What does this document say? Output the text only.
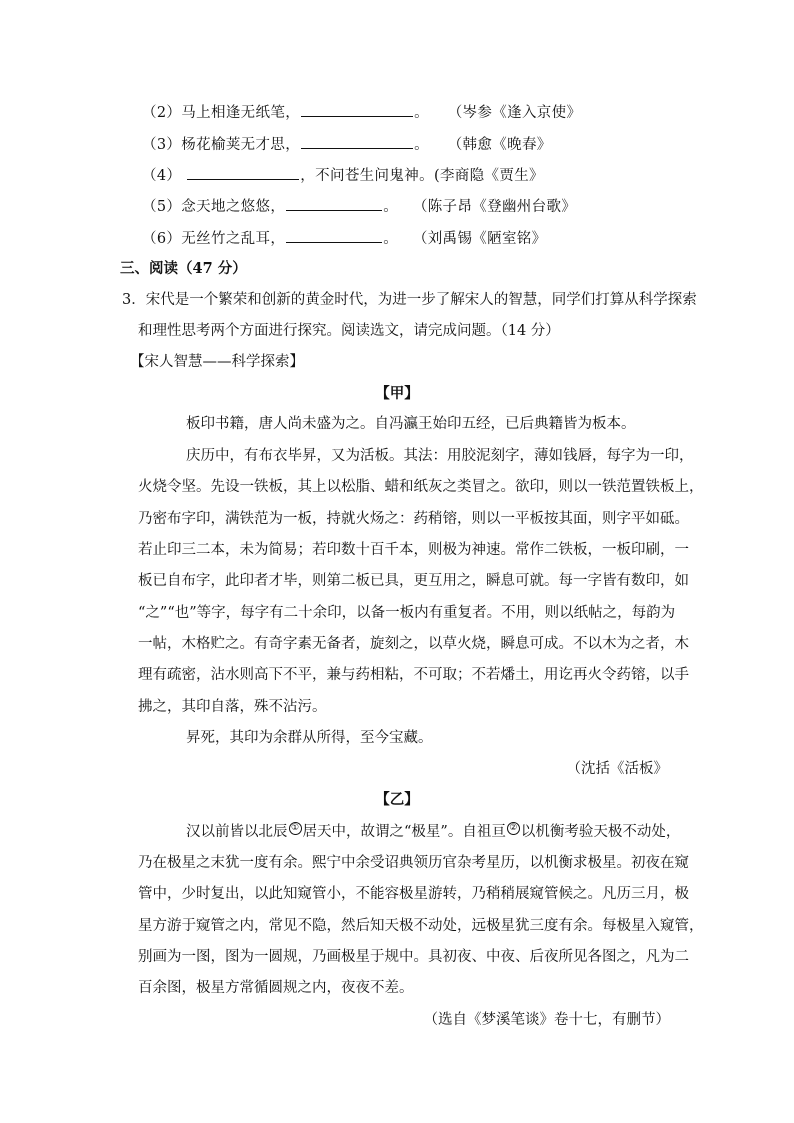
（2）马上相逢无纸笔，	。 （岑参《逢入京使》
（3）杨花榆荚无才思，	。 （韩愈《晚春》
（4）	，不问苍生问鬼神。(李商隐《贾生》
（5）念天地之悠悠，	。 （陈子昂《登幽州台歌》
（6）无丝竹之乱耳，	。 （刘禹锡《陋室铭》
三、阅读（47 分）
3．宋代是一个繁荣和创新的黄金时代，为进一步了解宋人的智慧，同学们打算从科学探索
和理性思考两个方面进行探究。阅读选文，请完成问题。（14 分）
【宋人智慧——科学探索】
【甲】
板印书籍，唐人尚未盛为之。自冯瀛王始印五经，已后典籍皆为板本。
庆历中，有布衣毕昇，又为活板。其法：用胶泥刻字，薄如钱唇，每字为一印，
火烧令坚。先设一铁板，其上以松脂、蜡和纸灰之类冒之。欲印，则以一铁范置铁板上，
乃密布字印，满铁范为一板，持就火炀之：药稍镕，则以一平板按其面，则字平如砥。
若止印三二本，未为简易；若印数十百千本，则极为神速。常作二铁板，一板印刷，一
板已自布字，此印者才毕，则第二板已具，更互用之，瞬息可就。每一字皆有数印，如
“之”“也”等字，每字有二十余印，以备一板内有重复者。不用，则以纸帖之，每韵为
一帖，木格贮之。有奇字素无备者，旋刻之，以草火烧，瞬息可成。不以木为之者，木
理有疏密，沾水则高下不平，兼与药相粘，不可取；不若燔土，用讫再火令药镕，以手
拂之，其印自落，殊不沾污。
昇死，其印为余群从所得，至今宝藏。
（沈括《活板》
【乙】
汉以前皆以北辰 ① 居天中，故谓之“极星”。自祖亘 ② 以机衡考验天极不动处，
乃在极星之末犹一度有余。熙宁中余受诏典领历官杂考星历，以机衡求极星。初夜在窥
管中，少时复出，以此知窥管小，不能容极星游转，乃稍稍展窥管候之。凡历三月，极
星方游于窥管之内，常见不隐，然后知天极不动处，远极星犹三度有余。每极星入窥管，
别画为一图，图为一圆规，乃画极星于规中。具初夜、中夜、后夜所见各图之，凡为二
百余图，极星方常循圆规之内，夜夜不差。
（选自《梦溪笔谈》卷十七，有删节）
